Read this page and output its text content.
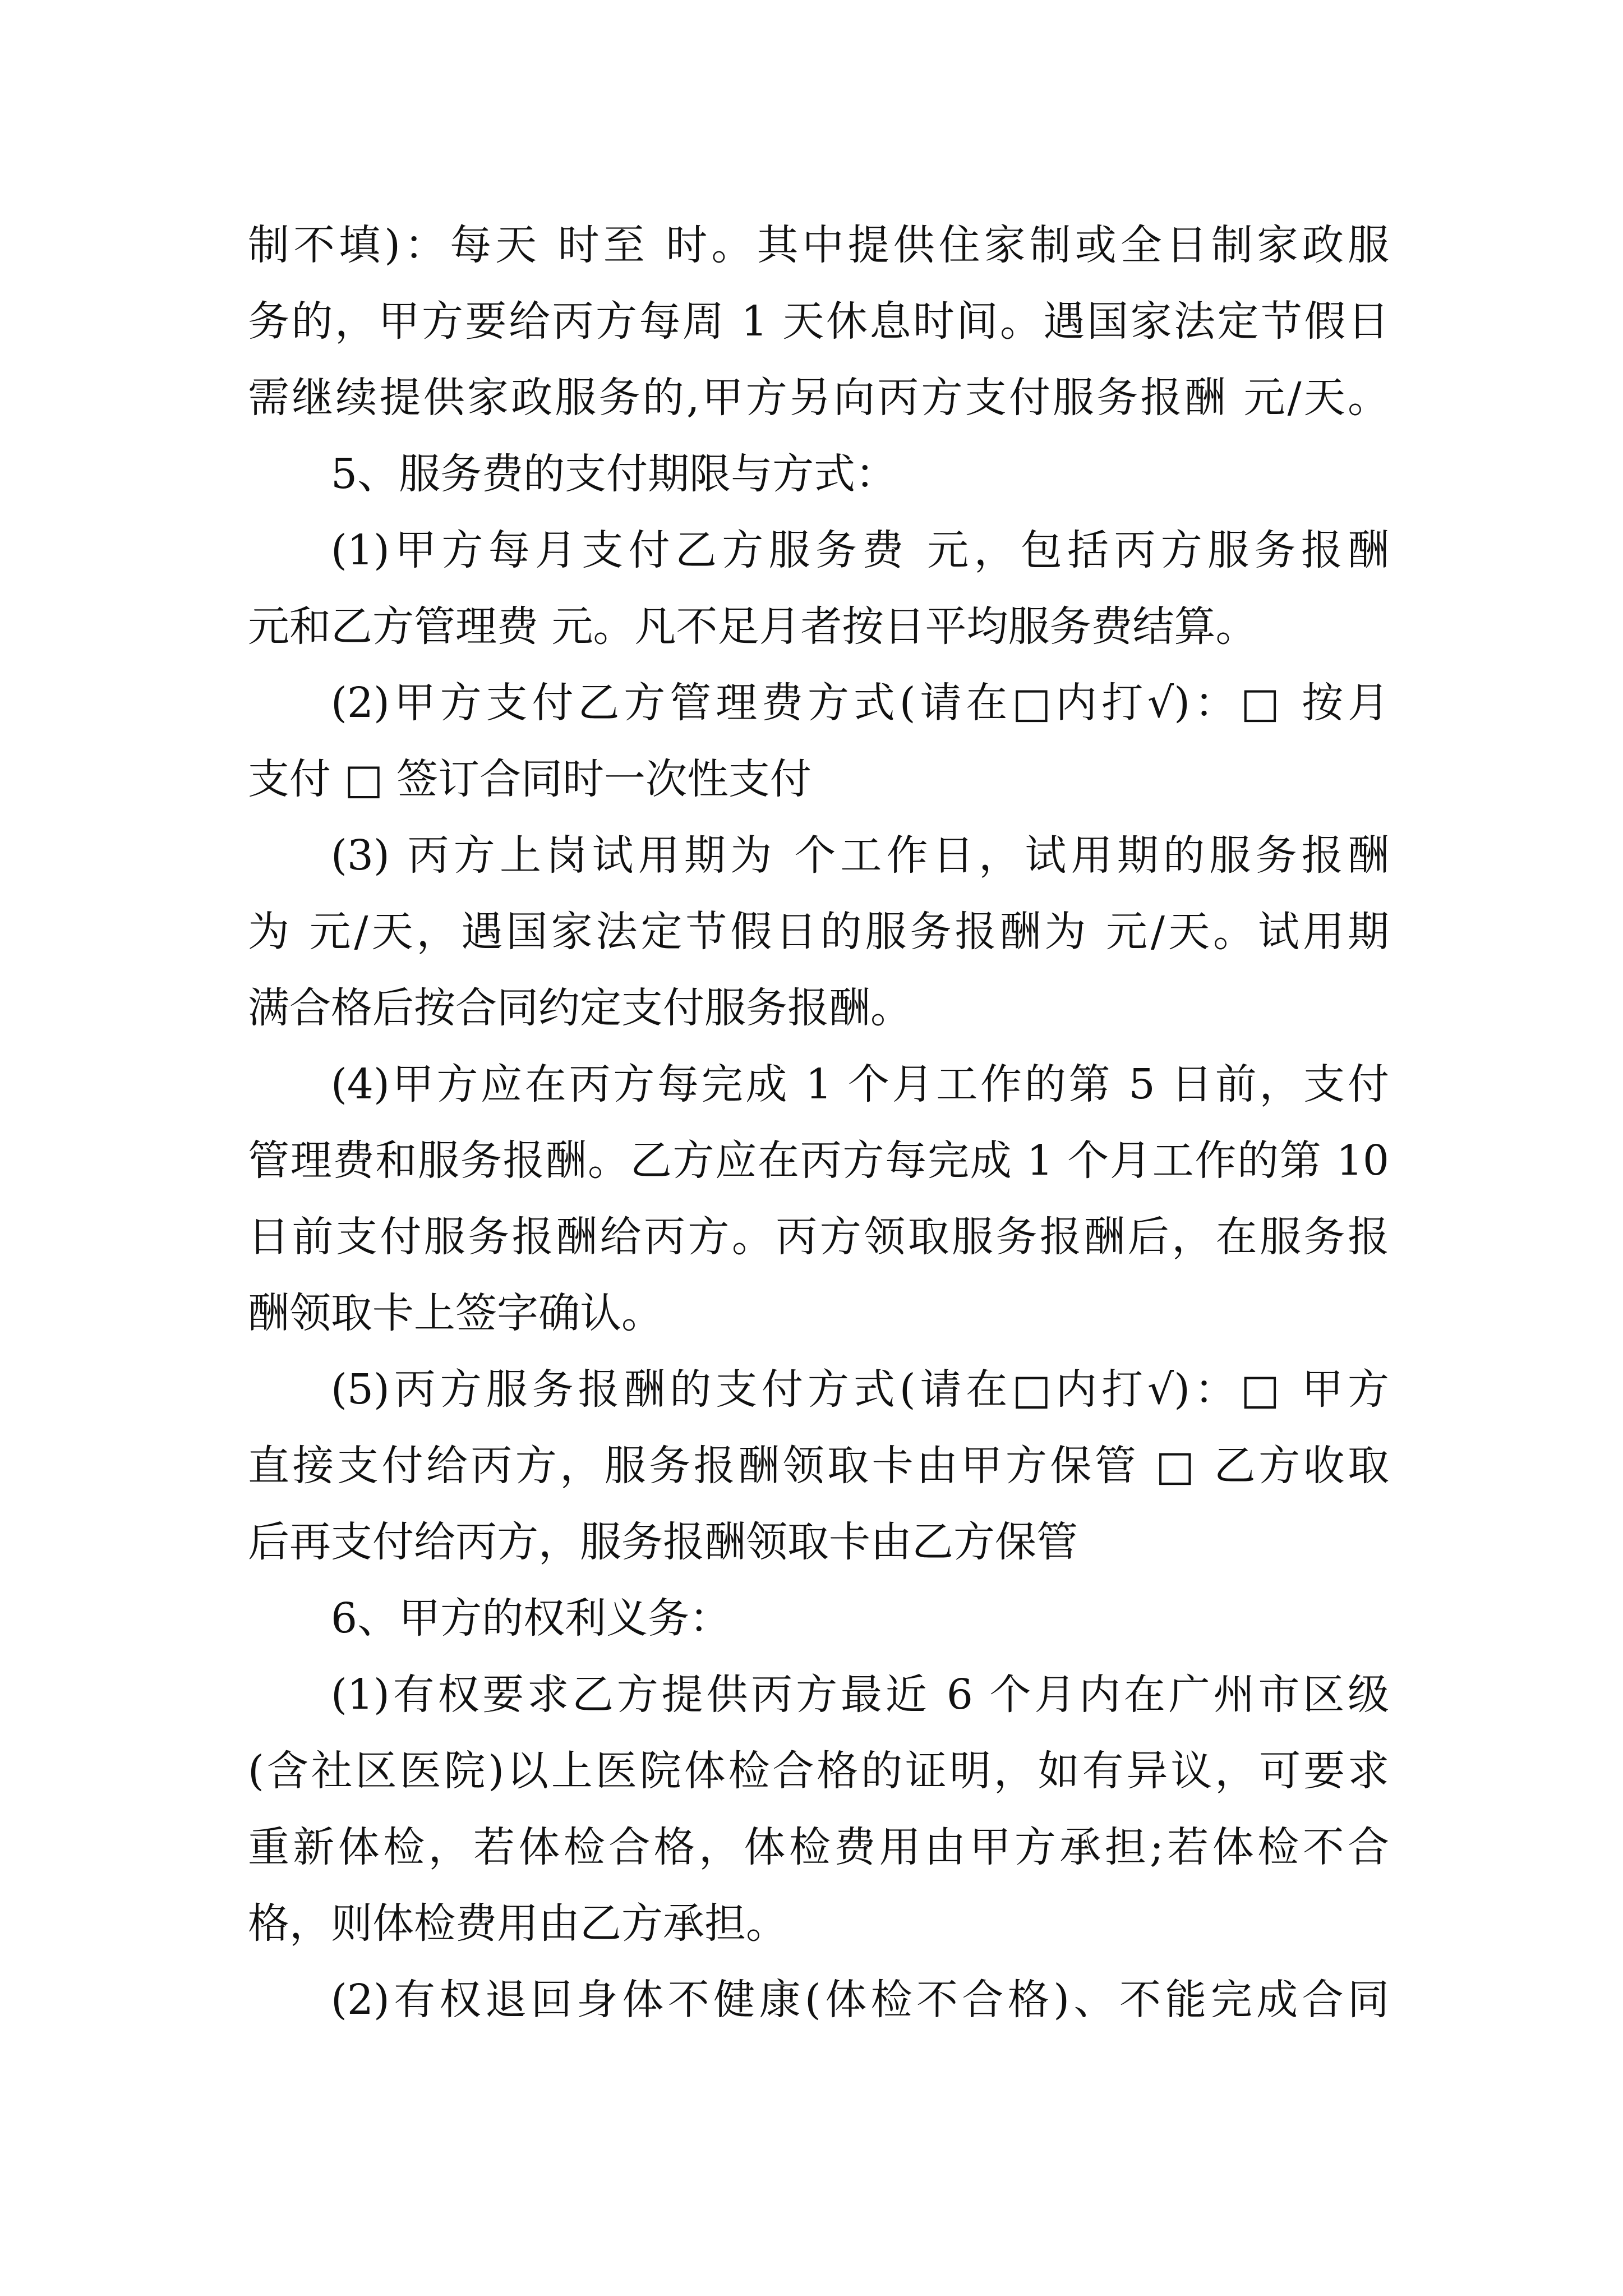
制不填)：每天 时至 时。其中提供住家制或全日制家政服
务的，甲方要给丙方每周 1 天休息时间。遇国家法定节假日
需继续提供家政服务的,甲方另向丙方支付服务报酬 元/天。
5、服务费的支付期限与方式：
(1)甲方每月支付乙方服务费 元，包括丙方服务报酬
元和乙方管理费 元。凡不足月者按日平均服务费结算。
(2)甲方支付乙方管理费方式(请在□内打√)：□ 按月
支付 □ 签订合同时一次性支付
(3) 丙方上岗试用期为 个工作日，试用期的服务报酬
为 元/天，遇国家法定节假日的服务报酬为 元/天。试用期
满合格后按合同约定支付服务报酬。
(4)甲方应在丙方每完成 1 个月工作的第 5 日前，支付
管理费和服务报酬。乙方应在丙方每完成 1 个月工作的第 10
日前支付服务报酬给丙方。丙方领取服务报酬后，在服务报
酬领取卡上签字确认。
(5)丙方服务报酬的支付方式(请在□内打√)：□ 甲方
直接支付给丙方，服务报酬领取卡由甲方保管 □ 乙方收取
后再支付给丙方，服务报酬领取卡由乙方保管
6、甲方的权利义务：
(1)有权要求乙方提供丙方最近 6 个月内在广州市区级
(含社区医院)以上医院体检合格的证明，如有异议，可要求
重新体检，若体检合格，体检费用由甲方承担;若体检不合
格，则体检费用由乙方承担。
(2)有权退回身体不健康(体检不合格)、不能完成合同
